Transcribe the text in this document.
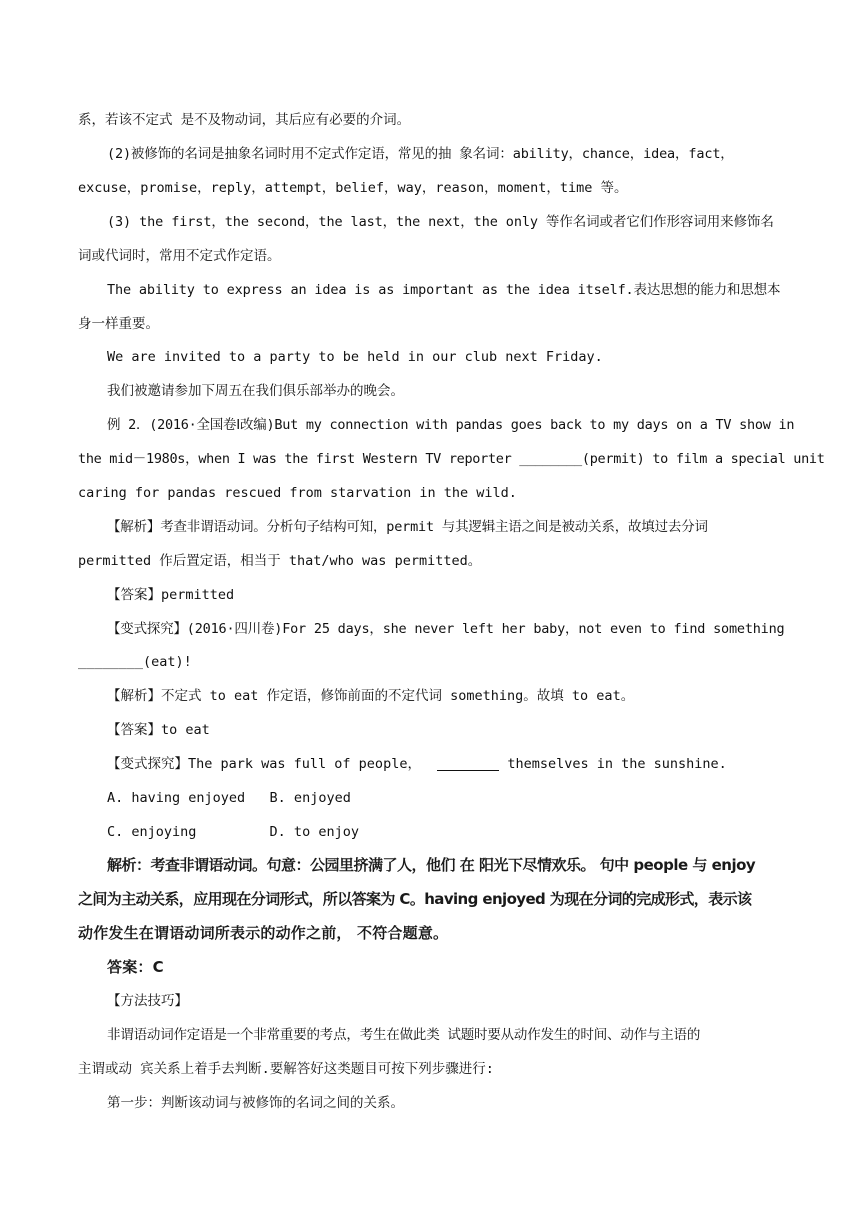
系，若该不定式 是不及物动词，其后应有必要的介词。
(2)被修饰的名词是抽象名词时用不定式作定语，常见的抽 象名词：ability，chance，idea，fact，
excuse，promise，reply，attempt，belief，way，reason，moment，time 等。
(3) the first，the second，the last，the next，the only 等作名词或者它们作形容词用来修饰名
词或代词时，常用不定式作定语。
The ability to express an idea is as important as the idea itself.表达思想的能力和思想本
身一样重要。
We are invited to a party to be held in our club next Friday.
我们被邀请参加下周五在我们俱乐部举办的晚会。
例 2．(2016·全国卷Ⅰ改编)But my connection with pandas goes back to my days on a TV show in
the mid－1980s，when I was the first Western TV reporter ________(permit) to film a special unit
caring for pandas rescued from starvation in the wild.
【解析】考查非谓语动词。分析句子结构可知，permit 与其逻辑主语之间是被动关系，故填过去分词
permitted 作后置定语，相当于 that/who was permitted。
【答案】permitted
【变式探究】(2016·四川卷)For 25 days，she never left her baby，not even to find something
________(eat)!
【解析】不定式 to eat 作定语，修饰前面的不定代词 something。故填 to eat。
【答案】to eat
【变式探究】The park was full of people，	themselves in the sunshine.
A. having enjoyed   B. enjoyed
C. enjoying         D. to enjoy
解析：考查非谓语动词。句意：公园里挤满了人，他们 在 阳光下尽情欢乐。 句中 people 与 enjoy
之间为主动关系，应用现在分词形式，所以答案为 C。having enjoyed 为现在分词的完成形式，表示该
动作发生在谓语动词所表示的动作之前， 不符合题意。
答案：C
【方法技巧】
非谓语动词作定语是一个非常重要的考点，考生在做此类 试题时要从动作发生的时间、动作与主语的
主谓或动 宾关系上着手去判断.要解答好这类题目可按下列步骤进行:
第一步：判断该动词与被修饰的名词之间的关系。
